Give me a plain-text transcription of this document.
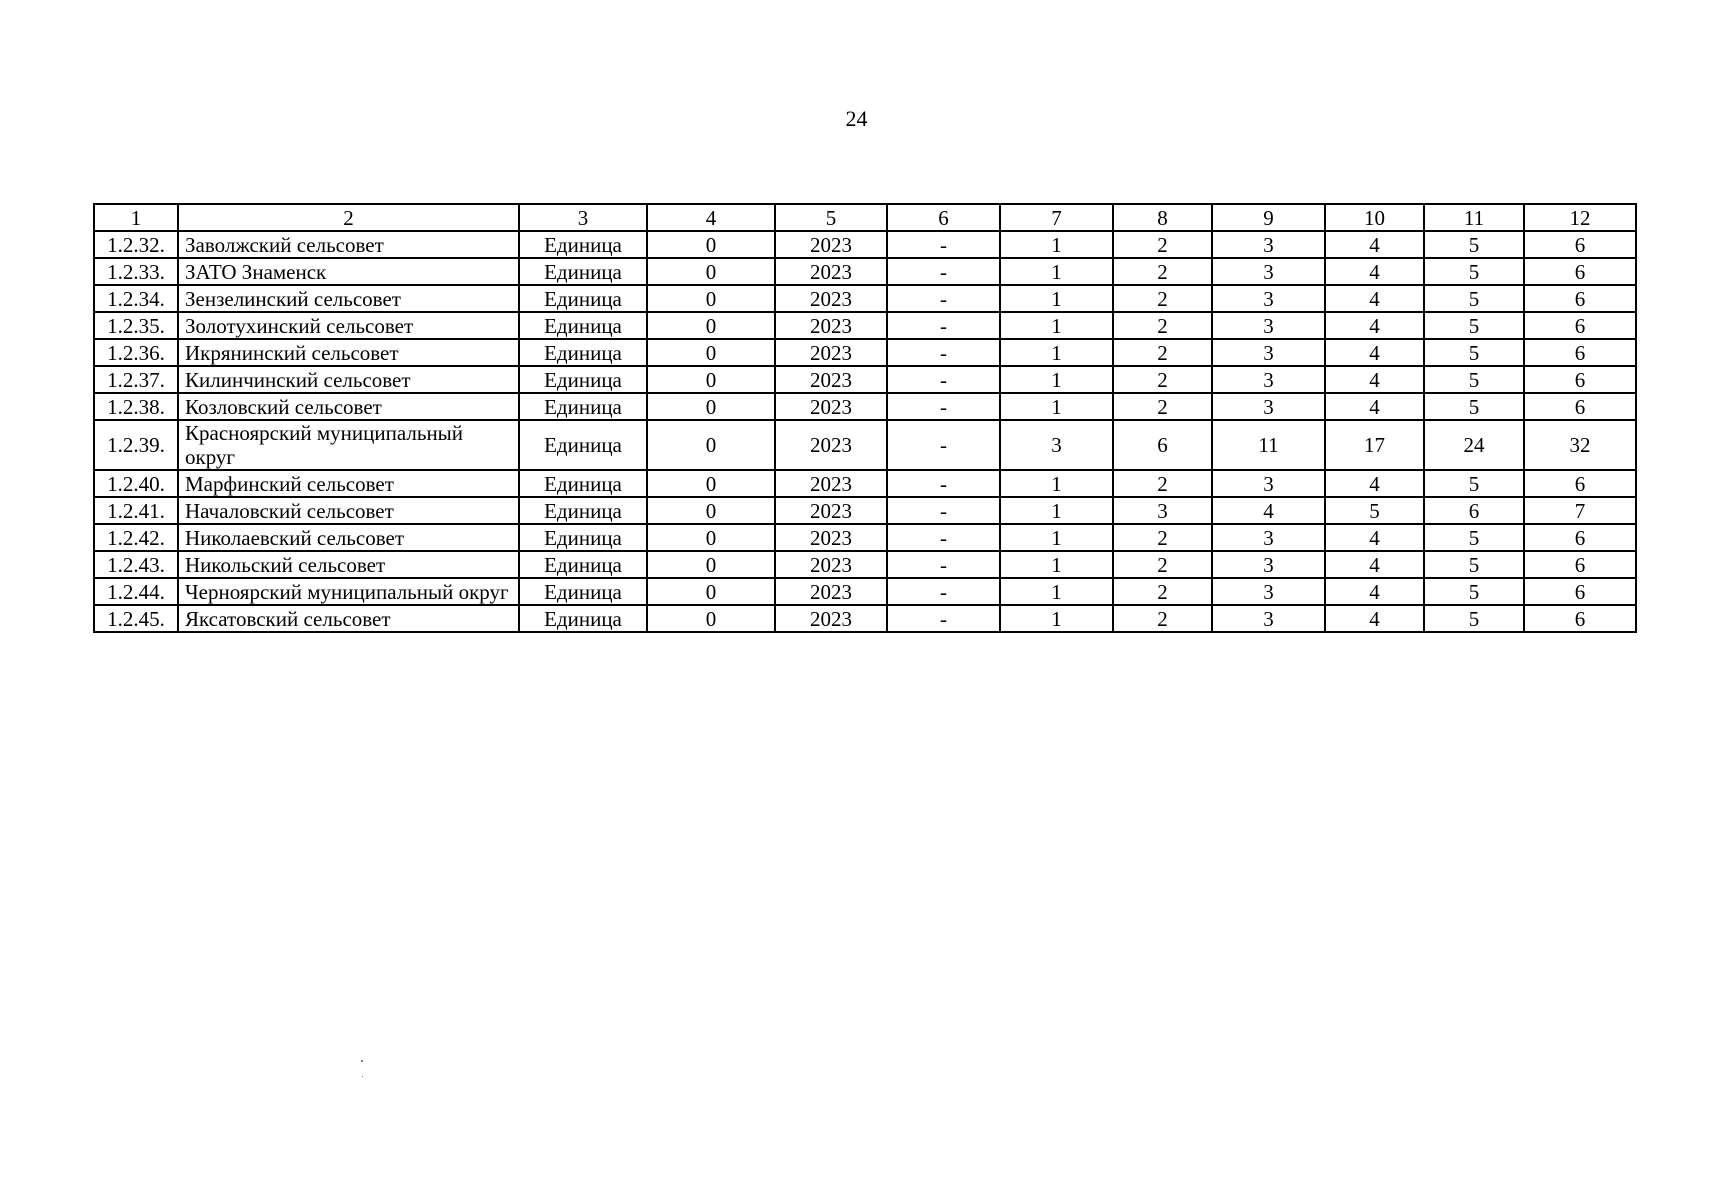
24
1	2	3	4	5	6	7	8	9	10	11	12
1.2.32.	Заволжский сельсовет	Единица	0	2023	-	1	2	3	4	5	6
1.2.33.	ЗАТО Знаменск	Единица	0	2023	-	1	2	3	4	5	6
1.2.34.	Зензелинский сельсовет	Единица	0	2023	-	1	2	3	4	5	6
1.2.35.	Золотухинский сельсовет	Единица	0	2023	-	1	2	3	4	5	6
1.2.36.	Икрянинский сельсовет	Единица	0	2023	-	1	2	3	4	5	6
1.2.37.	Килинчинский сельсовет	Единица	0	2023	-	1	2	3	4	5	6
1.2.38.	Козловский сельсовет	Единица	0	2023	-	1	2	3	4	5	6
1.2.39.	Красноярский муниципальный округ	Единица	0	2023	-	3	6	11	17	24	32
1.2.40.	Марфинский сельсовет	Единица	0	2023	-	1	2	3	4	5	6
1.2.41.	Началовский сельсовет	Единица	0	2023	-	1	3	4	5	6	7
1.2.42.	Николаевский сельсовет	Единица	0	2023	-	1	2	3	4	5	6
1.2.43.	Никольский сельсовет	Единица	0	2023	-	1	2	3	4	5	6
1.2.44.	Черноярский муниципальный округ	Единица	0	2023	-	1	2	3	4	5	6
1.2.45.	Яксатовский сельсовет	Единица	0	2023	-	1	2	3	4	5	6
